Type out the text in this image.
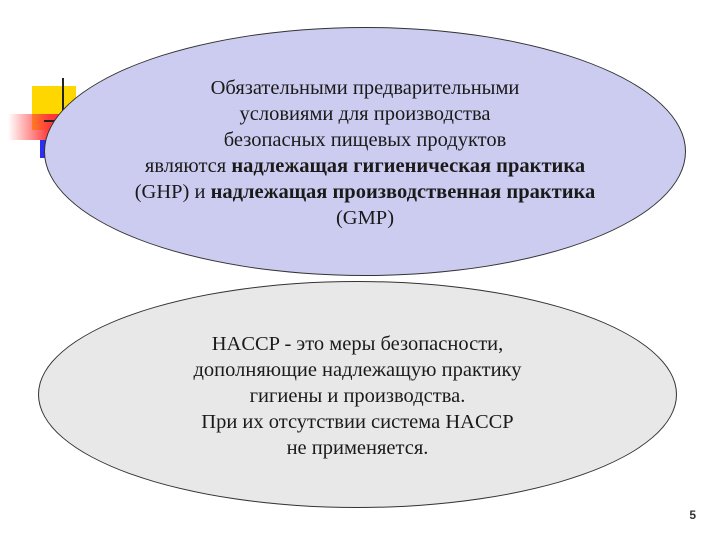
Обязательными предварительными
условиями для производства
безопасных пищевых продуктов
являются надлежащая гигиеническая практика
(GHP) и надлежащая производственная практика
(GMP)
HACCP - это меры безопасности,
дополняющие надлежащую практику
гигиены и производства.
При их отсутствии система HACCP
не применяется.
5
